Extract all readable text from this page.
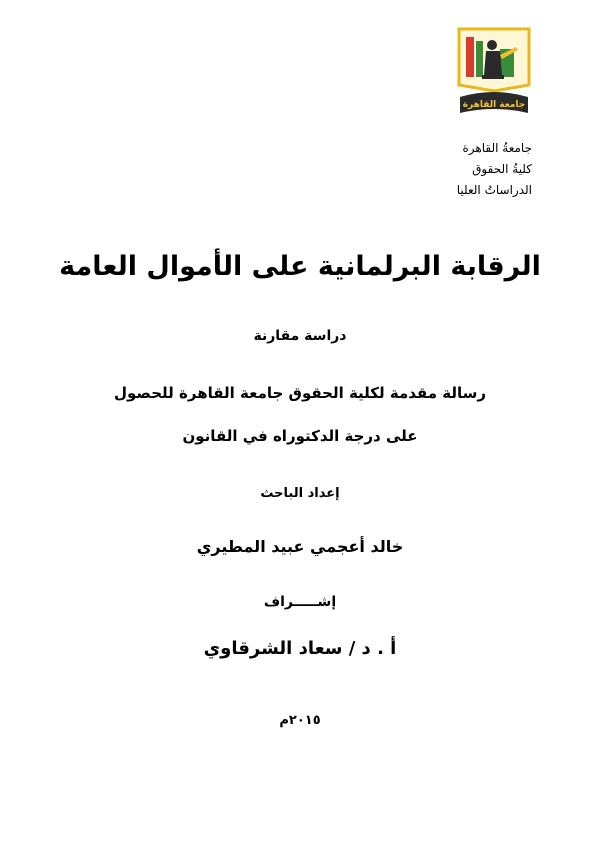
جامعة القاهرة
جامعةُ القاهرة
كليةُ الحقوق
الدراساتُ العليا
الرقابة البرلمانية على الأموال العامة
دراسة مقارنة
رسالة مقدمة لكلية الحقوق جامعة القاهرة للحصول
على درجة الدكتوراه في القانون
إعداد الباحث
خالد أعجمي عبيد المطيري
إشـــــراف
أ . د / سعاد الشرقاوي
٢٠١٥م
